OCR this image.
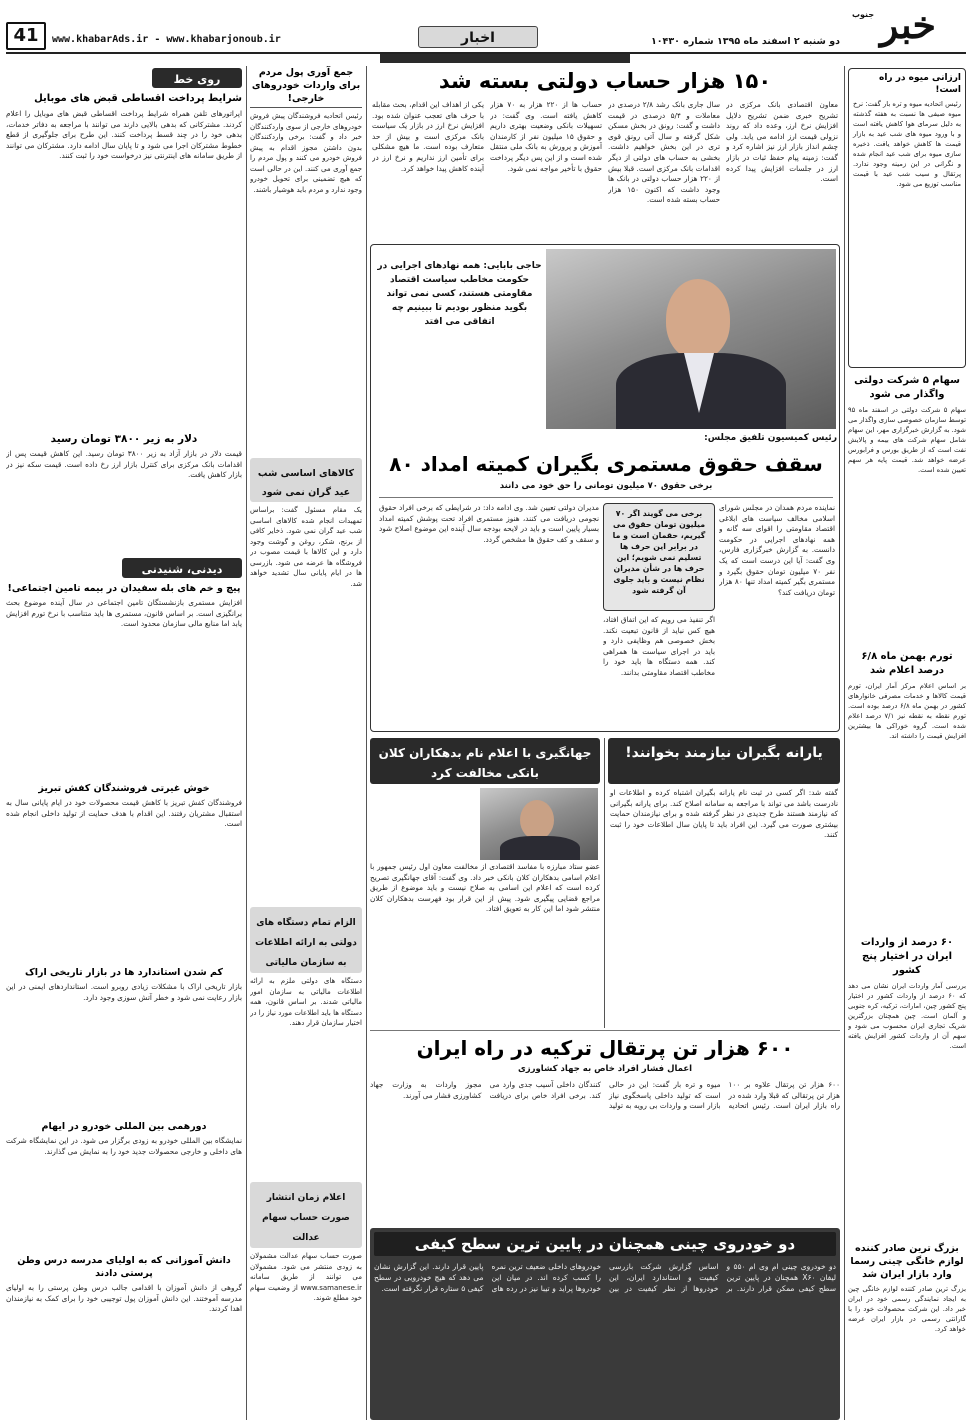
41	www.khabarAds.ir - www.khabarjonoub.ir	اخبار	دو شنبه ۲ اسفند ماه ۱۳۹۵ شماره ۱۰۴۳۰	خبر
جنوب
ارزانی میوه در راه است!
رئیس اتحادیه میوه و تره بار گفت: نرخ میوه صیفی ها نسبت به هفته گذشته به دلیل سرمای هوا کاهش یافته است و با ورود میوه های شب عید به بازار قیمت ها کاهش خواهد یافت. ذخیره سازی میوه برای شب عید انجام شده و نگرانی در این زمینه وجود ندارد. پرتقال و سیب شب عید با قیمت مناسب توزیع می شود.
سهام ۵ شرکت دولتی واگذار می شود
سهام ۵ شرکت دولتی در اسفند ماه ۹۵ توسط سازمان خصوصی سازی واگذار می شود. به گزارش خبرگزاری مهر، این سهام شامل سهام شرکت های بیمه و پالایش نفت است که از طریق بورس و فرابورس عرضه خواهد شد. قیمت پایه هر سهم تعیین شده است.
تورم بهمن ماه ۶/۸ درصد اعلام شد
بر اساس اعلام مرکز آمار ایران، تورم قیمت کالاها و خدمات مصرفی خانوارهای کشور در بهمن ماه ۶/۸ درصد بوده است. تورم نقطه به نقطه نیز ۷/۱ درصد اعلام شده است. گروه خوراکی ها بیشترین افزایش قیمت را داشته اند.
۶۰ درصد از واردات ایران در اختیار پنج کشور
بررسی آمار واردات ایران نشان می دهد که ۶۰ درصد از واردات کشور در اختیار پنج کشور چین، امارات، ترکیه، کره جنوبی و آلمان است. چین همچنان بزرگترین شریک تجاری ایران محسوب می شود و سهم آن از واردات کشور افزایش یافته است.
بزرگ ترین صادر کننده لوازم خانگی چینی رسما وارد بازار ایران شد
بزرگ ترین صادر کننده لوازم خانگی چین به ایجاد نمایندگی رسمی خود در ایران خبر داد. این شرکت محصولات خود را با گارانتی رسمی در بازار ایران عرضه خواهد کرد.
۱۵۰ هزار حساب دولتی بسته شد
معاون اقتصادی بانک مرکزی در تشریح خبری ضمن تشریح دلایل افزایش نرخ ارز، وعده داد که روند نزولی قیمت ارز ادامه می یابد. ولی چشم انداز بازار ارز نیز اشاره کرد و گفت: زمینه پیام حفظ ثبات در بازار ارز در جلسات افزایش پیدا کرده است.
سال جاری بانک رشد ۲/۸ درصدی در معاملات و ۵/۴ درصدی در قیمت داشت و گفت: رونق در بخش مسکن شکل گرفته و سال آتی رونق قوی تری در این بخش خواهیم داشت. بخشی به حساب های دولتی از دیگر اقدامات بانک مرکزی است. قبلا بیش از ۲۲۰ هزار حساب دولتی در بانک ها وجود داشت که اکنون ۱۵۰ هزار حساب بسته شده است.
حساب ها از ۲۲۰ هزار به ۷۰ هزار کاهش یافته است. وی گفت: در تسهیلات بانکی وضعیت بهتری داریم و حقوق ۱۵ میلیون نفر از کارمندان آموزش و پرورش به بانک ملی منتقل شده است و از این پس دیگر پرداخت حقوق با تأخیر مواجه نمی شود.
یکی از اهداف این اقدام، بحث مقابله با حرف های تعجب عنوان شده بود. افزایش نرخ ارز در بازار یک سیاست بانک مرکزی است و بیش از حد متعارف بوده است. ما هیچ مشکلی برای تأمین ارز نداریم و نرخ ارز در آینده کاهش پیدا خواهد کرد.
حاجی بابایی: همه نهادهای اجرایی در حکومت مخاطب سیاست اقتصاد مقاومتی هستند، کسی نمی تواند بگوید منظور بودیم تا ببینیم چه اتفاقی می افتد
رئیس کمیسیون تلفیق مجلس:
سقف حقوق مستمری بگیران کمیته امداد ۸۰
برخی حقوق ۷۰ میلیون تومانی را حق خود می دانند
نماینده مردم همدان در مجلس شورای اسلامی مخالف سیاست های ابلاغی اقتصاد مقاومتی را اقوای سه گانه و همه نهادهای اجرایی در حکومت دانست. به گزارش خبرگزاری فارس، وی گفت: آیا این درست است که یک نفر ۷۰ میلیون تومان حقوق بگیرد و مستمری بگیر کمیته امداد تنها ۸۰ هزار تومان دریافت کند؟
برخی می گویند اگر ۷۰ میلیون تومان حقوق می گیریم، حقمان است و ما در برابر این حرف ها تسلیم نمی شویم؛ این حرف ها در شأن مدیران نظام نیست و باید جلوی آن گرفته شود
اگر تنفیذ می رویم که این اتفاق افتاد، هیچ کس نباید از قانون تبعیت نکند. بخش خصوصی هم وظایفی دارد و باید در اجرای سیاست ها همراهی کند. همه دستگاه ها باید خود را مخاطب اقتصاد مقاومتی بدانند.
مدیران دولتی تعیین شد. وی ادامه داد: در شرایطی که برخی افراد حقوق نجومی دریافت می کنند، هنوز مستمری افراد تحت پوشش کمیته امداد بسیار پایین است و باید در لایحه بودجه سال آینده این موضوع اصلاح شود و سقف و کف حقوق ها مشخص گردد.
یارانه بگیران نیازمند بخوانند!
گفته شد: اگر کسی در ثبت نام یارانه بگیران اشتباه کرده و اطلاعات او نادرست باشد می تواند با مراجعه به سامانه اصلاح کند. برای یارانه بگیرانی که نیازمند هستند طرح جدیدی در نظر گرفته شده و برای نیازمندان حمایت بیشتری صورت می گیرد. این افراد باید تا پایان سال اطلاعات خود را ثبت کنند.
جهانگیری با اعلام نام بدهکاران کلان بانکی مخالفت کرد
عضو ستاد مبارزه با مفاسد اقتصادی از مخالفت معاون اول رئیس جمهور با اعلام اسامی بدهکاران کلان بانکی خبر داد. وی گفت: آقای جهانگیری تصریح کرده است که اعلام این اسامی به صلاح نیست و باید موضوع از طریق مراجع قضایی پیگیری شود. پیش از این قرار بود فهرست بدهکاران کلان منتشر شود اما این کار به تعویق افتاد.
۶۰۰ هزار تن پرتقال ترکیه در راه ایران
اعمال فشار افراد خاص به جهاد کشاورزی
۶۰۰ هزار تن پرتقال علاوه بر ۱۰۰ هزار تن پرتقالی که قبلا وارد شده در راه بازار ایران است. رئیس اتحادیه میوه و تره بار گفت: این در حالی است که تولید داخلی پاسخگوی نیاز بازار است و واردات بی رویه به تولید کنندگان داخلی آسیب جدی وارد می کند. برخی افراد خاص برای دریافت مجوز واردات به وزارت جهاد کشاورزی فشار می آورند.
دو خودروی چینی همچنان در پایین ترین سطح کیفی
دو خودروی چینی ام وی ام ۵۵۰ و لیفان X۶۰ همچنان در پایین ترین سطح کیفی ممکن قرار دارند. بر اساس گزارش شرکت بازرسی کیفیت و استاندارد ایران، این خودروها از نظر کیفیت در بین خودروهای داخلی ضعیف ترین نمره را کسب کرده اند. در میان این خودروها پراید و تیبا نیز در رده های پایین قرار دارند. این گزارش نشان می دهد که هیچ خودرویی در سطح کیفی ۵ ستاره قرار نگرفته است.
جمع آوری پول مردم برای واردات خودروهای خارجی!
رئیس اتحادیه فروشندگان پیش فروش خودروهای خارجی از سوی واردکنندگان خبر داد و گفت: برخی واردکنندگان بدون داشتن مجوز اقدام به پیش فروش خودرو می کنند و پول مردم را جمع آوری می کنند. این در حالی است که هیچ تضمینی برای تحویل خودرو وجود ندارد و مردم باید هوشیار باشند.
کالاهای اساسی شب عید گران نمی شود
یک مقام مسئول گفت: براساس تمهیدات انجام شده کالاهای اساسی شب عید گران نمی شود. ذخایر کافی از برنج، شکر، روغن و گوشت وجود دارد و این کالاها با قیمت مصوب در فروشگاه ها عرضه می شود. بازرسی ها در ایام پایانی سال تشدید خواهد شد.
الزام تمام دستگاه های دولتی به ارائه اطلاعات به سازمان مالیاتی
دستگاه های دولتی ملزم به ارائه اطلاعات مالیاتی به سازمان امور مالیاتی شدند. بر اساس قانون، همه دستگاه ها باید اطلاعات مورد نیاز را در اختیار سازمان قرار دهند.
اعلام زمان انتشار صورت حساب سهام عدالت
صورت حساب سهام عدالت مشمولان به زودی منتشر می شود. مشمولان می توانند از طریق سامانه www.samanese.ir از وضعیت سهام خود مطلع شوند.
روی خط
شرایط پرداخت اقساطی قبض های موبایل
اپراتورهای تلفن همراه شرایط پرداخت اقساطی قبض های موبایل را اعلام کردند. مشترکانی که بدهی بالایی دارند می توانند با مراجعه به دفاتر خدمات، بدهی خود را در چند قسط پرداخت کنند. این طرح برای جلوگیری از قطع خطوط مشترکان اجرا می شود و تا پایان سال ادامه دارد. مشترکان می توانند از طریق سامانه های اینترنتی نیز درخواست خود را ثبت کنند.
دلار به زیر ۳۸۰۰ تومان رسید
قیمت دلار در بازار آزاد به زیر ۳۸۰۰ تومان رسید. این کاهش قیمت پس از اقدامات بانک مرکزی برای کنترل بازار ارز رخ داده است. قیمت سکه نیز در بازار کاهش یافت.
دیدنی، شنیدنی
پیچ و خم های بله سفیدان در بیمه تامین اجتماعی!
افزایش مستمری بازنشستگان تامین اجتماعی در سال آینده موضوع بحث برانگیزی است. بر اساس قانون، مستمری ها باید متناسب با نرخ تورم افزایش یابد اما منابع مالی سازمان محدود است.
خوش غیرتی فروشندگان کفش تبریز
فروشندگان کفش تبریز با کاهش قیمت محصولات خود در ایام پایانی سال به استقبال مشتریان رفتند. این اقدام با هدف حمایت از تولید داخلی انجام شده است.
کم شدن استاندارد ها در بازار تاریخی اراک
بازار تاریخی اراک با مشکلات زیادی روبرو است. استانداردهای ایمنی در این بازار رعایت نمی شود و خطر آتش سوزی وجود دارد.
دورهمی بین المللی خودرو در ایهام
نمایشگاه بین المللی خودرو به زودی برگزار می شود. در این نمایشگاه شرکت های داخلی و خارجی محصولات جدید خود را به نمایش می گذارند.
دانش آموزانی که به اولیای مدرسه درس وطن پرستی دادند
گروهی از دانش آموزان با اقدامی جالب درس وطن پرستی را به اولیای مدرسه آموختند. این دانش آموزان پول توجیبی خود را برای کمک به نیازمندان اهدا کردند.
